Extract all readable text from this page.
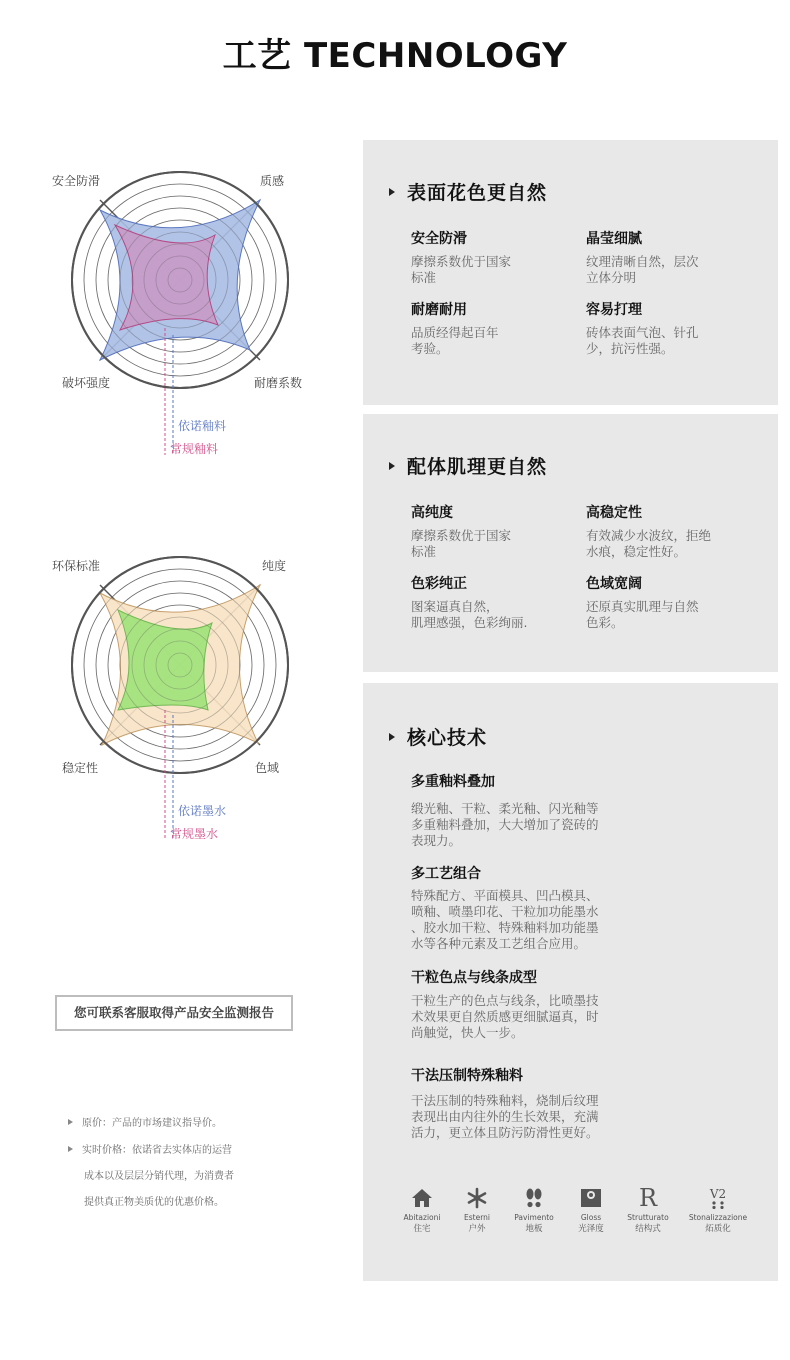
工艺 TECHNOLOGY
安全防滑	质感
破坏强度	耐磨系数
依诺釉料
常规釉料
环保标准	纯度
稳定性	色域
依诺墨水
常规墨水
表面花色更自然
安全防滑
摩擦系数优于国家
标准
晶莹细腻
纹理清晰自然，层次
立体分明
耐磨耐用
品质经得起百年
考验。
容易打理
砖体表面气泡、针孔
少，抗污性强。
配体肌理更自然
高纯度
摩擦系数优于国家
标准
高稳定性
有效减少水波纹，拒绝
水痕，稳定性好。
色彩纯正
图案逼真自然，
肌理感强，色彩绚丽.
色域宽阔
还原真实肌理与自然
色彩。
核心技术
多重釉料叠加
缎光釉、干粒、柔光釉、闪光釉等
多重釉料叠加，大大增加了瓷砖的
表现力。
多工艺组合
特殊配方、平面模具、凹凸模具、
喷釉、喷墨印花、干粒加功能墨水
、胶水加干粒、特殊釉料加功能墨
水等各种元素及工艺组合应用。
干粒色点与线条成型
干粒生产的色点与线条，比喷墨技
术效果更自然质感更细腻逼真，时
尚触觉，快人一步。
干法压制特殊釉料
干法压制的特殊釉料，烧制后纹理
表现出由内往外的生长效果，充满
活力，更立体且防污防滑性更好。
Abitazioni
住宅
Esterni
户外
Pavimento
地板
Gloss
光泽度
R
Strutturato
结构式
V2
Stonalizzazione
炻质化
您可联系客服取得产品安全监测报告
原价：产品的市场建议指导价。
实时价格：依诺省去实体店的运营
成本以及层层分销代理，为消费者
提供真正物美质优的优惠价格。
